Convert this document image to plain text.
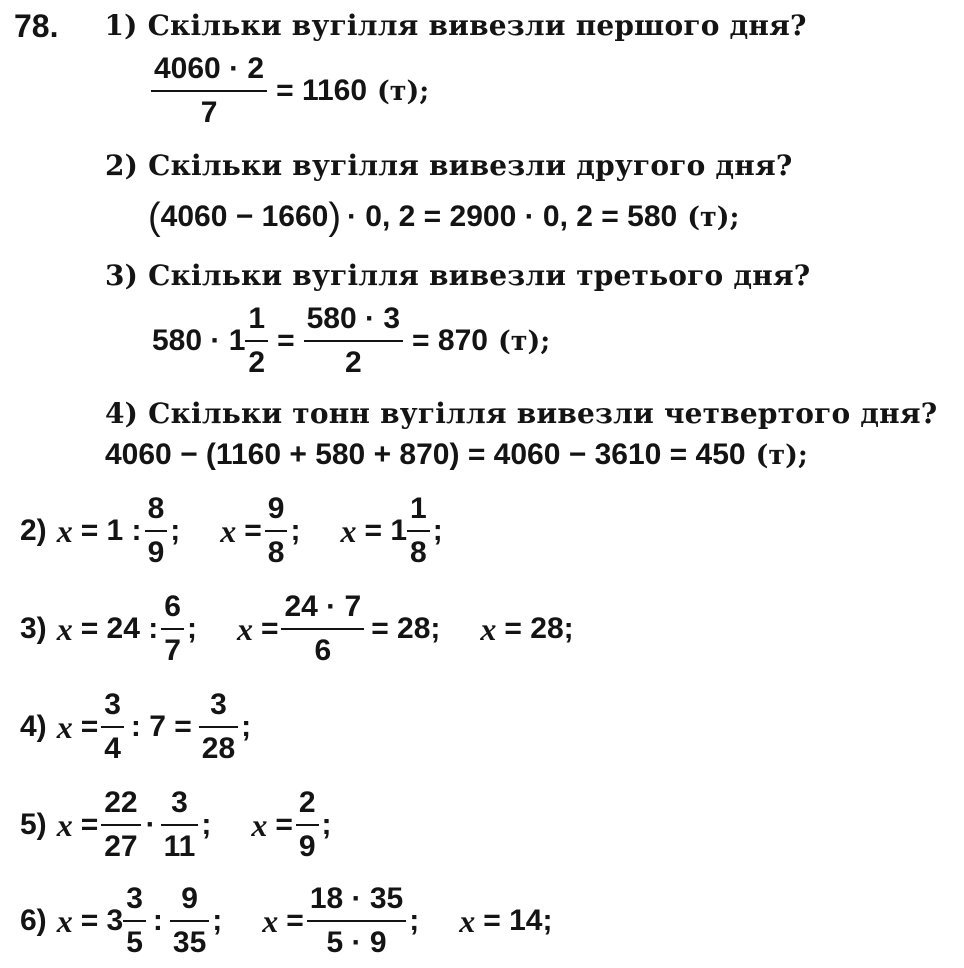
78. 1) Скільки вугілля вивезли першого дня?
$\frac{4060 \cdot 2}{7} = 1160$ (т);
2) Скільки вугілля вивезли другого дня?
( 4060 − 1660 ) · 0, 2 = 2900 · 0, 2 = 580 (т);
3) Скільки вугілля вивезли третього дня?
$580 \cdot 1 \frac{1}{2} = \frac{580 \cdot 3}{2} = 870$ (т);
4) Скільки тонн вугілля вивезли четвертого дня?
4060 − (1160 + 580 + 870) = 4060 − 3610 = 450 (т);
2) x = 1 : $\frac{8}{9}$ ; $x = \frac{9}{8}$ ; $x = 1 \frac{1}{8}$ ;
3) x = 24 : $\frac{6}{7}$ ; $x = \frac{24 \cdot 7}{6} = 28$; x = 28;
4) $x = \frac{3}{4}$ : $7 = \frac{3}{28}$ ;
5) $x = \frac{22}{27} \cdot \frac{3}{11}$ ; $x = \frac{2}{9}$ ;
6) $x = 3 \frac{3}{5}$ : $\frac{9}{35}$ ; $x = \frac{18 \cdot 35}{5 \cdot 9}$ ; x = 14;
